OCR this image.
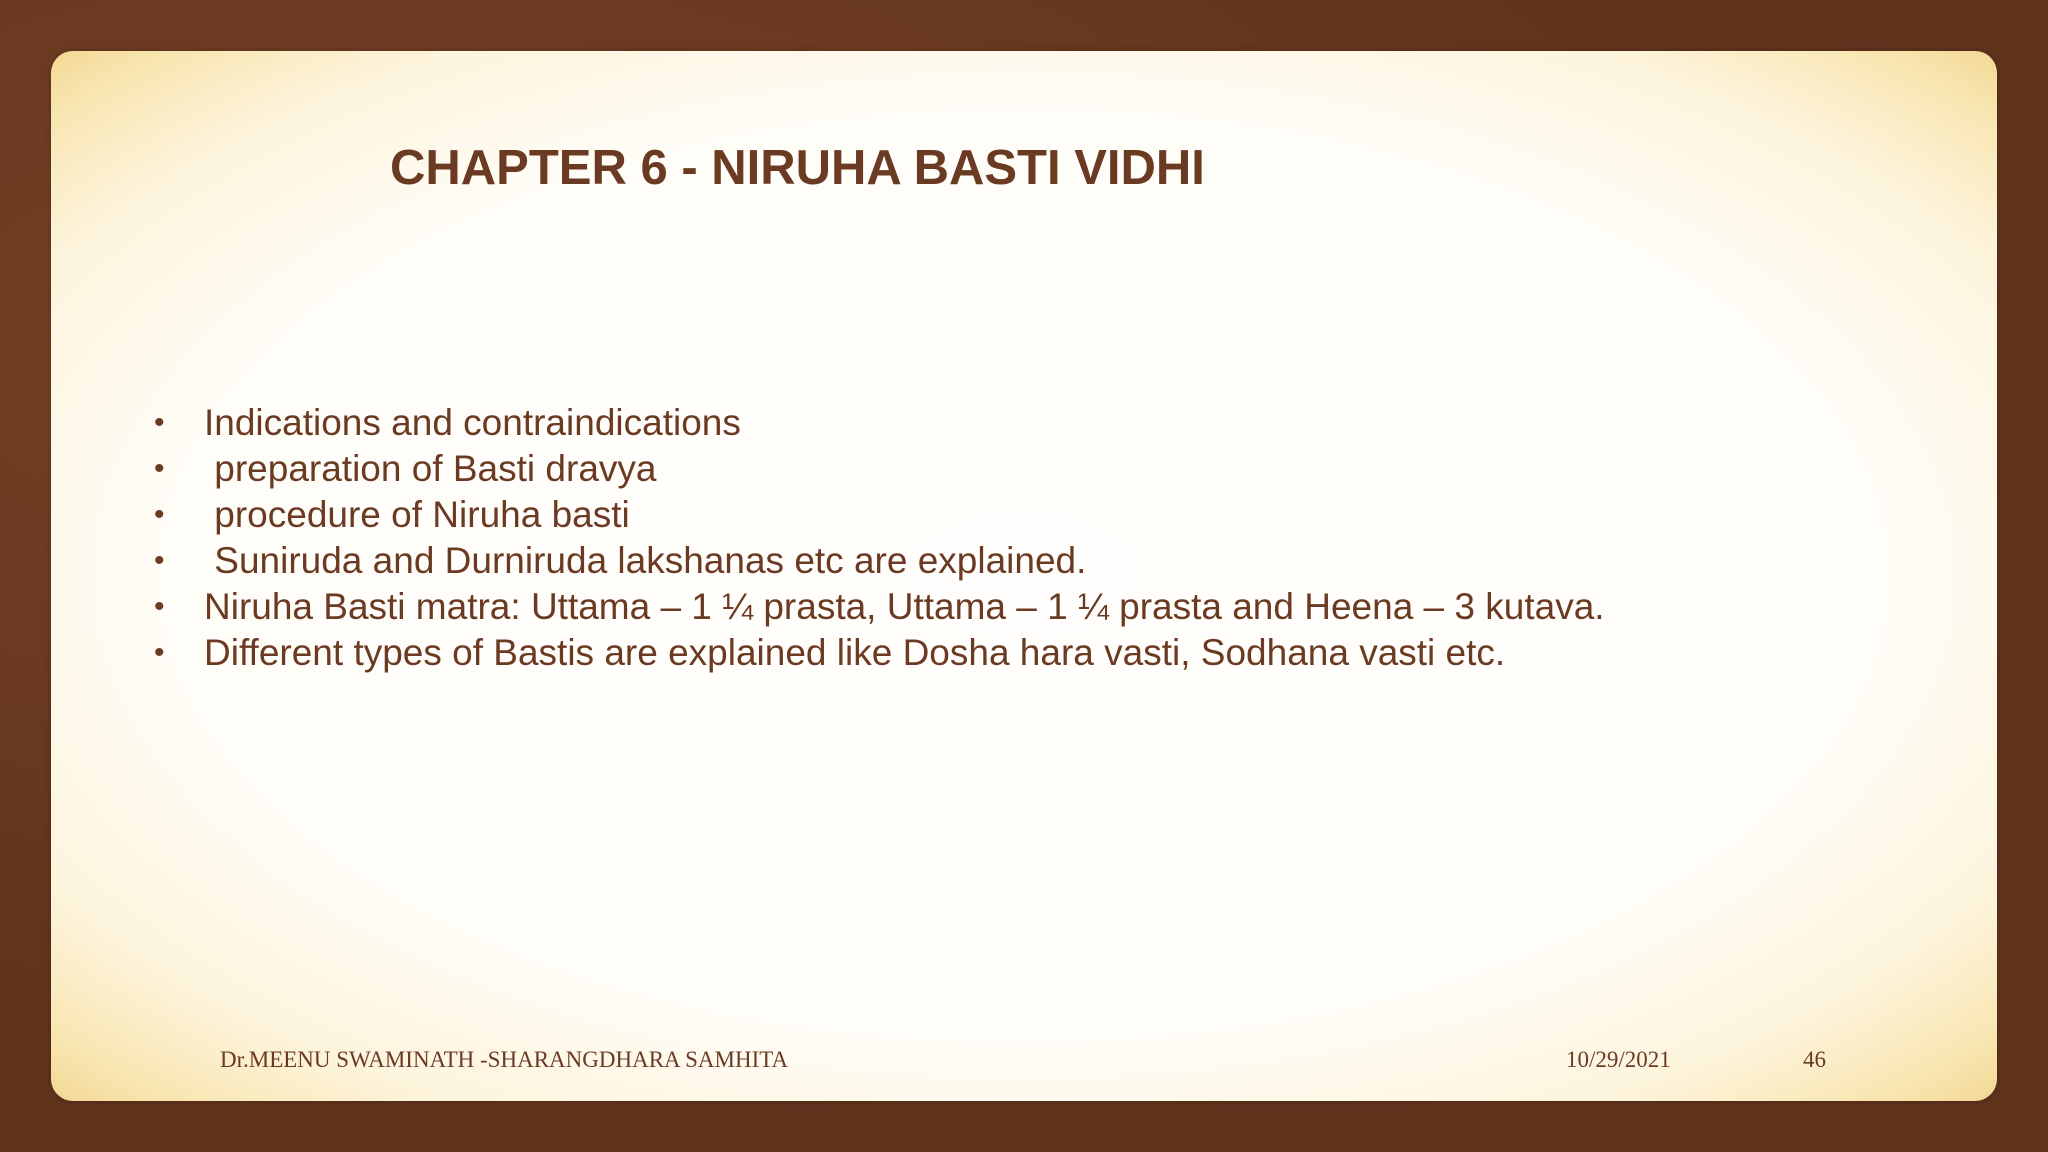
CHAPTER 6 - NIRUHA BASTI VIDHI
• Indications and contraindications
• preparation of Basti dravya
• procedure of Niruha basti
• Suniruda and Durniruda lakshanas etc are explained.
• Niruha Basti matra: Uttama – 1 ¼ prasta, Uttama – 1 ¼ prasta and Heena – 3 kutava.
• Different types of Bastis are explained like Dosha hara vasti, Sodhana vasti etc.
Dr.MEENU SWAMINATH -SHARANGDHARA SAMHITA	10/29/2021	46
